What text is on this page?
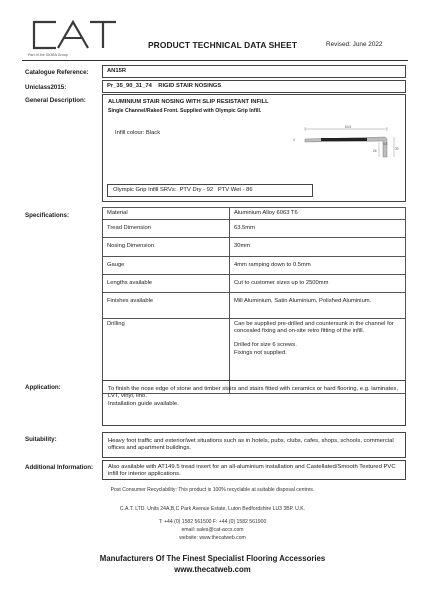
Part of the IGOBA Group
PRODUCT TECHNICAL DATA SHEET	Revised: June 2022
Catalogue Reference:	AN15R
Uniclass2015:	Pr_35_90_31_74    RIGID STAIR NOSINGS
General Description:	ALUMINIUM STAIR NOSING WITH SLIP RESISTANT INFILL
Single Channel/Raked Front. Supplied with Olympic Grip Infill.
Infill colour: Black
63.5
4
30
26
4.5
Olympic Grip Infill SRVs:  PTV Dry - 92   PTV Wet - 86
Specifications:	Material	Aluminium Alloy 6063 T6
Tread Dimension	63.5mm
Nosing Dimension	30mm
Gauge	4mm ramping down to 0.5mm
Lengths available	Cut to customer sizes up to 2500mm
Finishes available	Mill Aluminium, Satin Aluminium, Polished Aluminium.
Drilling	Can be supplied pre-drilled and countersunk in the channel for concealed fixing and on-site retro fitting of the infill.
Drilled for size 6 screws.
Fixings not supplied.
Application:	To finish the nose edge of stone and timber stairs and stairs fitted with ceramics or hard flooring, e.g. laminates, LVT, vinyl, lino.
Installation guide available.
Suitability:	Heavy foot traffic and exterior/wet situations such as in hotels, pubs, clubs, cafes, shops, schools, commercial offices and apartment buildings.
Additional Information:	Also available with AT149.5 tread insert for an all-aluminium installation and Castellated/Smooth Textured PVC infill for interior applications.
Post Consumer Recyclability: This product is 100% recyclable at suitable disposal centres.
C.A.T. LTD. Units 24A,B,C Park Avenue Estate, Luton Bedfordshire LU3 3BP. U.K.
T: +44 (0) 1582 561500 F: +44 (0) 1582 561900
email: sales@cat-accs.com
website: www.thecatweb.com
Manufacturers Of The Finest Specialist Flooring Accessories
www.thecatweb.com
